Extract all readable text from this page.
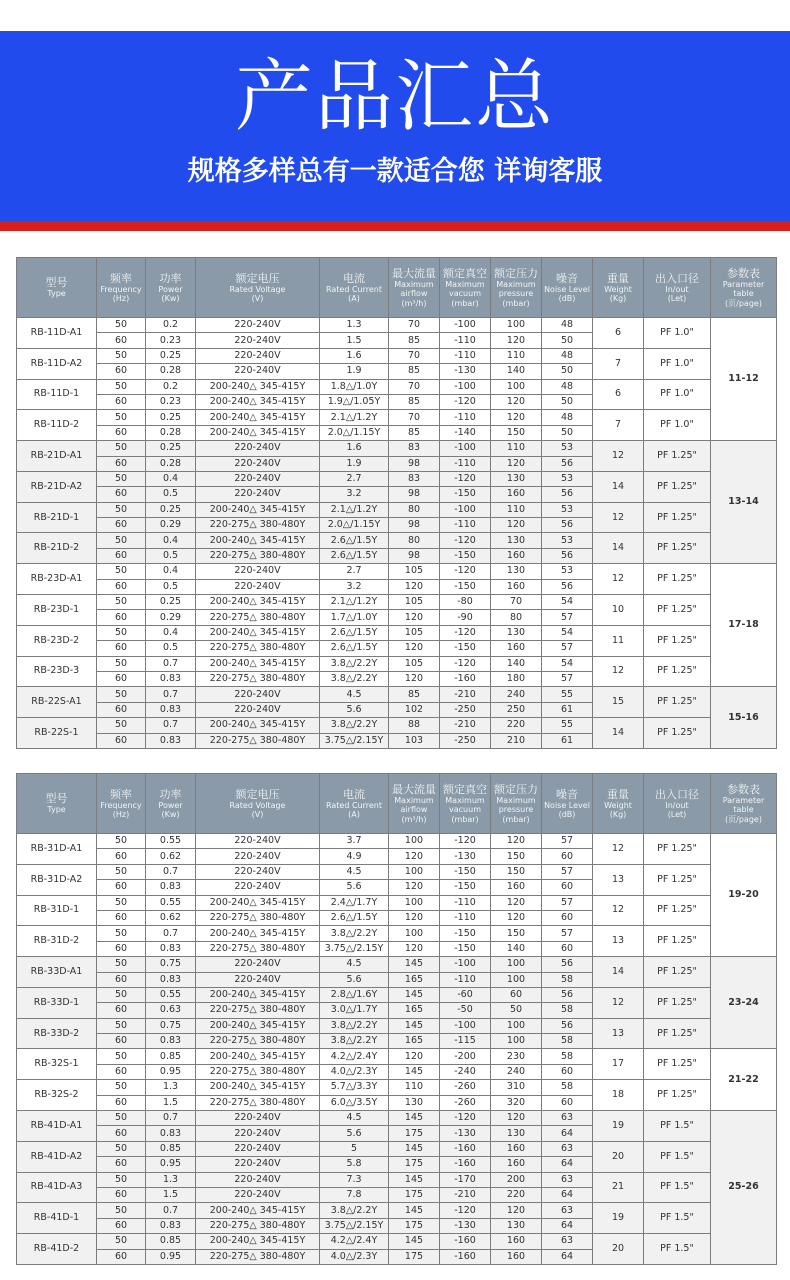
产品汇总
规格多样总有一款适合您 详询客服
型号
Type	频率
Frequency
(Hz)	功率
Power
(Kw)	额定电压
Rated Voltage
(V)	电流
Rated Current
(A)	最大流量
Maximum
airflow
(m³/h)	额定真空
Maximum
vacuum
(mbar)	额定压力
Maximum
pressure
(mbar)	噪音
Noise Level
(dB)	重量
Weight
(Kg)	出入口径
In/out
(Let)	参数表
Parameter
table
(页/page)

RB-11D-A1	50	0.2	220-240V	1.3	70	-100	100	48	6	PF 1.0"	11-12
	60	0.23	220-240V	1.5	85	-110	120	50			
RB-11D-A2	50	0.25	220-240V	1.6	70	-110	110	48	7	PF 1.0"	
	60	0.28	220-240V	1.9	85	-130	140	50			
RB-11D-1	50	0.2	200-240△ 345-415Y	1.8△/1.0Y	70	-100	100	48	6	PF 1.0"	
	60	0.23	200-240△ 345-415Y	1.9△/1.05Y	85	-120	120	50			
RB-11D-2	50	0.25	200-240△ 345-415Y	2.1△/1.2Y	70	-110	120	48	7	PF 1.0"	
	60	0.28	200-240△ 345-415Y	2.0△/1.15Y	85	-140	150	50			
RB-21D-A1	50	0.25	220-240V	1.6	83	-100	110	53	12	PF 1.25"	13-14
	60	0.28	220-240V	1.9	98	-110	120	56			
RB-21D-A2	50	0.4	220-240V	2.7	83	-120	130	53	14	PF 1.25"	
	60	0.5	220-240V	3.2	98	-150	160	56			
RB-21D-1	50	0.25	200-240△ 345-415Y	2.1△/1.2Y	80	-100	110	53	12	PF 1.25"	
	60	0.29	220-275△ 380-480Y	2.0△/1.15Y	98	-110	120	56			
RB-21D-2	50	0.4	200-240△ 345-415Y	2.6△/1.5Y	80	-120	130	53	14	PF 1.25"	
	60	0.5	220-275△ 380-480Y	2.6△/1.5Y	98	-150	160	56			
RB-23D-A1	50	0.4	220-240V	2.7	105	-120	130	53	12	PF 1.25"	17-18
	60	0.5	220-240V	3.2	120	-150	160	56			
RB-23D-1	50	0.25	200-240△ 345-415Y	2.1△/1.2Y	105	-80	70	54	10	PF 1.25"	
	60	0.29	220-275△ 380-480Y	1.7△/1.0Y	120	-90	80	57			
RB-23D-2	50	0.4	200-240△ 345-415Y	2.6△/1.5Y	105	-120	130	54	11	PF 1.25"	
	60	0.5	220-275△ 380-480Y	2.6△/1.5Y	120	-150	160	57			
RB-23D-3	50	0.7	200-240△ 345-415Y	3.8△/2.2Y	105	-120	140	54	12	PF 1.25"	
	60	0.83	220-275△ 380-480Y	3.8△/2.2Y	120	-160	180	57			
RB-22S-A1	50	0.7	220-240V	4.5	85	-210	240	55	15	PF 1.25"	15-16
	60	0.83	220-240V	5.6	102	-250	250	61			
RB-22S-1	50	0.7	200-240△ 345-415Y	3.8△/2.2Y	88	-210	220	55	14	PF 1.25"	
	60	0.83	220-275△ 380-480Y	3.75△/2.15Y	103	-250	210	61			
型号
Type	频率
Frequency
(Hz)	功率
Power
(Kw)	额定电压
Rated Voltage
(V)	电流
Rated Current
(A)	最大流量
Maximum
airflow
(m³/h)	额定真空
Maximum
vacuum
(mbar)	额定压力
Maximum
pressure
(mbar)	噪音
Noise Level
(dB)	重量
Weight
(Kg)	出入口径
In/out
(Let)	参数表
Parameter
table
(页/page)

RB-31D-A1	50	0.55	220-240V	3.7	100	-120	120	57	12	PF 1.25"	19-20
	60	0.62	220-240V	4.9	120	-130	150	60			
RB-31D-A2	50	0.7	220-240V	4.5	100	-150	150	57	13	PF 1.25"	
	60	0.83	220-240V	5.6	120	-150	160	60			
RB-31D-1	50	0.55	200-240△ 345-415Y	2.4△/1.7Y	100	-110	120	57	12	PF 1.25"	
	60	0.62	220-275△ 380-480Y	2.6△/1.5Y	120	-110	120	60			
RB-31D-2	50	0.7	200-240△ 345-415Y	3.8△/2.2Y	100	-150	150	57	13	PF 1.25"	
	60	0.83	220-275△ 380-480Y	3.75△/2.15Y	120	-150	140	60			
RB-33D-A1	50	0.75	220-240V	4.5	145	-100	100	56	14	PF 1.25"	23-24
	60	0.83	220-240V	5.6	165	-110	100	58			
RB-33D-1	50	0.55	200-240△ 345-415Y	2.8△/1.6Y	145	-60	60	56	12	PF 1.25"	
	60	0.63	220-275△ 380-480Y	3.0△/1.7Y	165	-50	50	58			
RB-33D-2	50	0.75	200-240△ 345-415Y	3.8△/2.2Y	145	-100	100	56	13	PF 1.25"	
	60	0.83	220-275△ 380-480Y	3.8△/2.2Y	165	-115	100	58			
RB-32S-1	50	0.85	200-240△ 345-415Y	4.2△/2.4Y	120	-200	230	58	17	PF 1.25"	21-22
	60	0.95	220-275△ 380-480Y	4.0△/2.3Y	145	-240	240	60			
RB-32S-2	50	1.3	200-240△ 345-415Y	5.7△/3.3Y	110	-260	310	58	18	PF 1.25"	
	60	1.5	220-275△ 380-480Y	6.0△/3.5Y	130	-260	320	60			
RB-41D-A1	50	0.7	220-240V	4.5	145	-120	120	63	19	PF 1.5"	25-26
	60	0.83	220-240V	5.6	175	-130	130	64			
RB-41D-A2	50	0.85	220-240V	5	145	-160	160	63	20	PF 1.5"	
	60	0.95	220-240V	5.8	175	-160	160	64			
RB-41D-A3	50	1.3	220-240V	7.3	145	-170	200	63	21	PF 1.5"	
	60	1.5	220-240V	7.8	175	-210	220	64			
RB-41D-1	50	0.7	200-240△ 345-415Y	3.8△/2.2Y	145	-120	120	63	19	PF 1.5"	
	60	0.83	220-275△ 380-480Y	3.75△/2.15Y	175	-130	130	64			
RB-41D-2	50	0.85	200-240△ 345-415Y	4.2△/2.4Y	145	-160	160	63	20	PF 1.5"	
	60	0.95	220-275△ 380-480Y	4.0△/2.3Y	175	-160	160	64			
